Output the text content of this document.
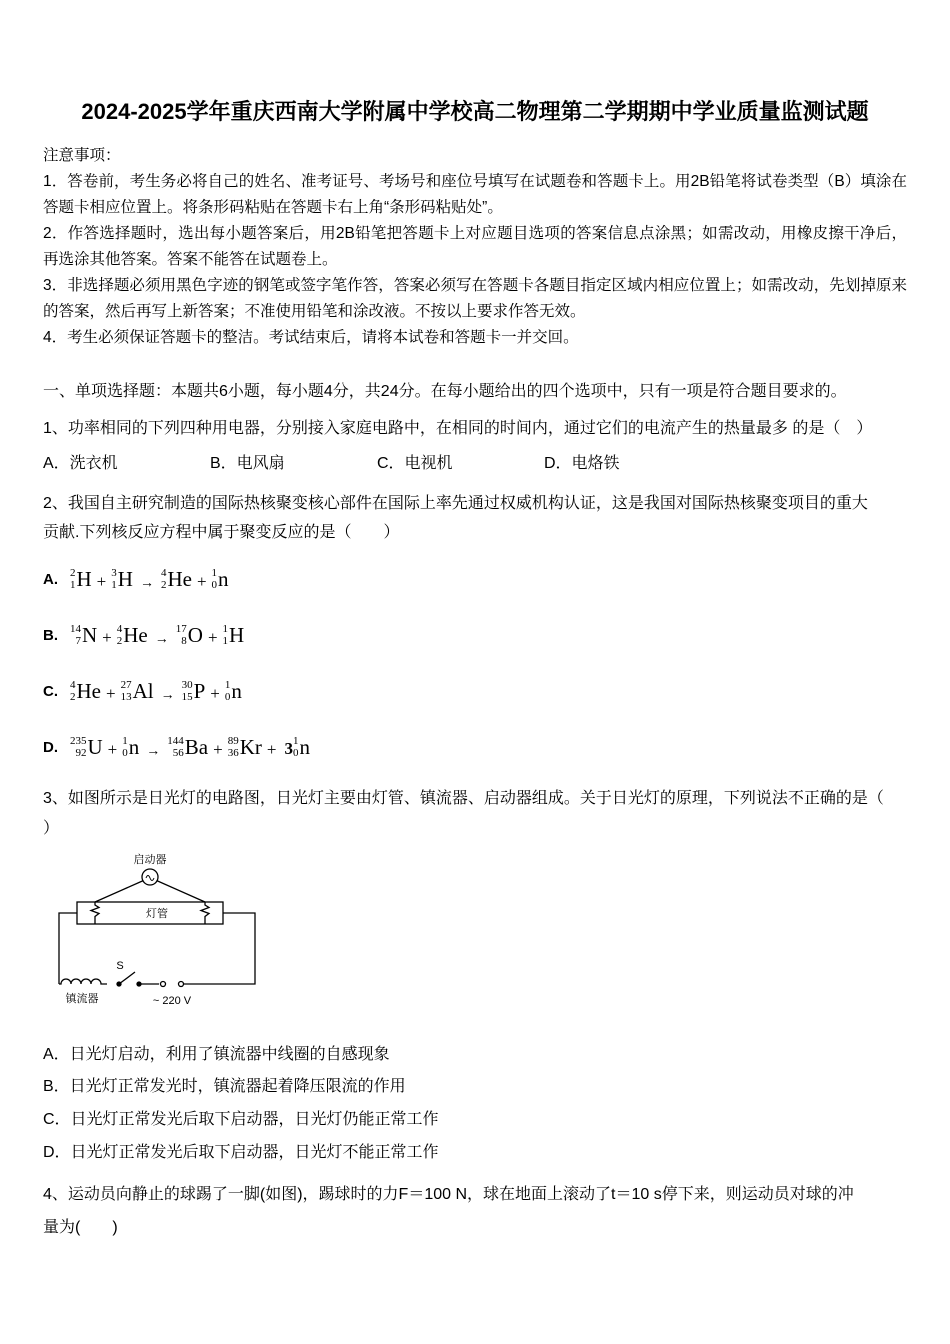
2024-2025学年重庆西南大学附属中学校高二物理第二学期期中学业质量监测试题

注意事项：

1．答卷前，考生务必将自己的姓名、准考证号、考场号和座位号填写在试题卷和答题卡上。用2B铅笔将试卷类型（B）填涂在答题卡相应位置上。将条形码粘贴在答题卡右上角“条形码粘贴处”。

2．作答选择题时，选出每小题答案后，用2B铅笔把答题卡上对应题目选项的答案信息点涂黑；如需改动，用橡皮擦干净后，再选涂其他答案。答案不能答在试题卷上。

3．非选择题必须用黑色字迹的钢笔或签字笔作答，答案必须写在答题卡各题目指定区域内相应位置上；如需改动，先划掉原来的答案，然后再写上新答案；不准使用铅笔和涂改液。不按以上要求作答无效。

4．考生必须保证答题卡的整洁。考试结束后，请将本试卷和答题卡一并交回。

一、单项选择题：本题共6小题，每小题4分，共24分。在每小题给出的四个选项中，只有一项是符合题目要求的。

1、功率相同的下列四种用电器，分别接入家庭电路中，在相同的时间内，通过它们的电流产生的热量最多 的是（　）

A．洗衣机	B．电风扇	C．电视机	D．电烙铁

2、我国自主研究制造的国际热核聚变核心部件在国际上率先通过权威机构认证，这是我国对国际热核聚变项目的重大

贡献.下列核反应方程中属于聚变反应的是（　　）

A.	2
1 H + 3
1 H →
4
2 He + 1
0 n
B.	14
7 N + 4
2 He →
17
8 O + 1
1 H
C.	4
2 He + 27
13 Al →
30
15 P + 1
0 n
D.	235
92 U + 1
0 n →
144
56 Ba + 89
36 Kr + 3 1
0 n

3、如图所示是日光灯的电路图，日光灯主要由灯管、镇流器、启动器组成。关于日光灯的原理，下列说法不正确的是（

）

启动器
灯管
镇流器
S
~ 220 V

A．日光灯启动，利用了镇流器中线圈的自感现象

B．日光灯正常发光时，镇流器起着降压限流的作用

C．日光灯正常发光后取下启动器，日光灯仍能正常工作

D．日光灯正常发光后取下启动器，日光灯不能正常工作

4、运动员向静止的球踢了一脚(如图)，踢球时的力F＝100 N，球在地面上滚动了t＝10 s停下来，则运动员对球的冲

量为(　　)
